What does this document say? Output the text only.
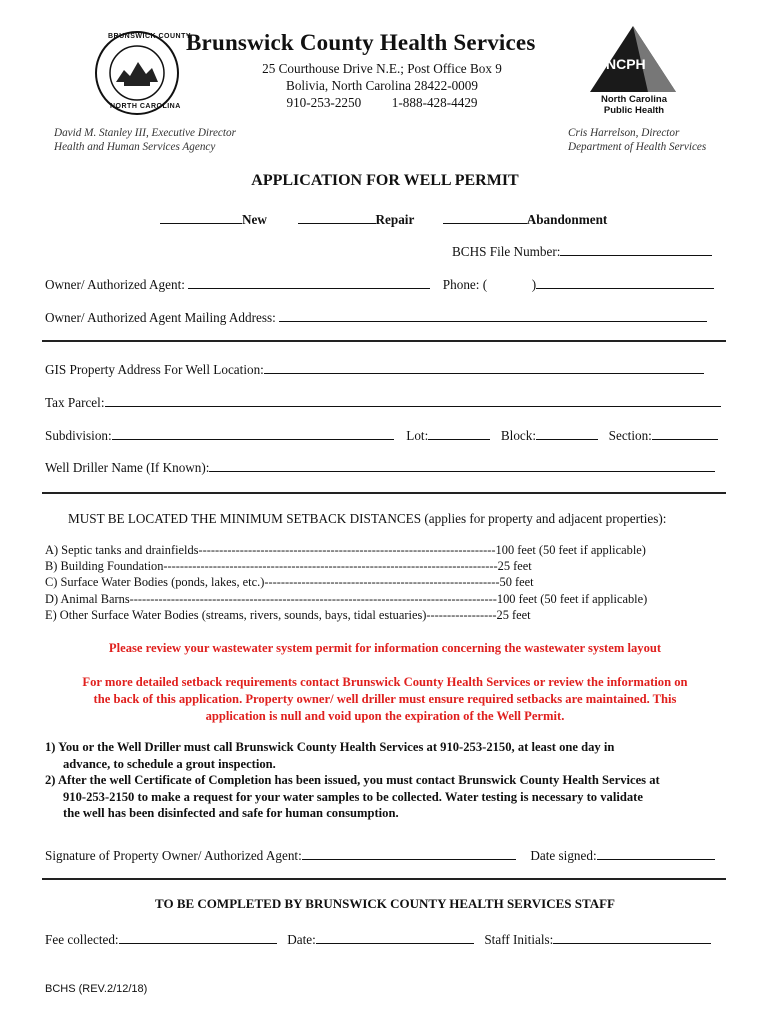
BRUNSWICK COUNTY
NORTH CAROLINA
Brunswick County Health Services
25 Courthouse Drive N.E.; Post Office Box 9
Bolivia, North Carolina 28422-0009
910-253-2250 1-888-428-4429
NCPH
North Carolina
Public Health
David M. Stanley III, Executive Director
Health and Human Services Agency
Cris Harrelson, Director
Department of Health Services
APPLICATION FOR WELL PERMIT
New	Repair	Abandonment
BCHS File Number:
Owner/ Authorized Agent:	Phone: (	)
Owner/ Authorized Agent Mailing Address:
GIS Property Address For Well Location:
Tax Parcel:
Subdivision:	Lot:	Block:	Section:
Well Driller Name (If Known):
MUST BE LOCATED THE MINIMUM SETBACK DISTANCES (applies for property and adjacent properties):
A) Septic tanks and drainfields------------------------------------------------------------------------100 feet (50 feet if applicable)
B) Building Foundation---------------------------------------------------------------------------------25 feet
C) Surface Water Bodies (ponds, lakes, etc.)---------------------------------------------------------50 feet
D) Animal Barns-----------------------------------------------------------------------------------------100 feet (50 feet if applicable)
E) Other Surface Water Bodies (streams, rivers, sounds, bays, tidal estuaries)-----------------25 feet
Please review your wastewater system permit for information concerning the wastewater system layout
For more detailed setback requirements contact Brunswick County Health Services or review the information on
the back of this application. Property owner/ well driller must ensure required setbacks are maintained. This
application is null and void upon the expiration of the Well Permit.
1) You or the Well Driller must call Brunswick County Health Services at 910-253-2150, at least one day in
advance, to schedule a grout inspection.
2) After the well Certificate of Completion has been issued, you must contact Brunswick County Health Services at
910-253-2150 to make a request for your water samples to be collected. Water testing is necessary to validate
the well has been disinfected and safe for human consumption.
Signature of Property Owner/ Authorized Agent:	Date signed:
TO BE COMPLETED BY BRUNSWICK COUNTY HEALTH SERVICES STAFF
Fee collected:	Date:	Staff Initials:
BCHS (REV.2/12/18)
